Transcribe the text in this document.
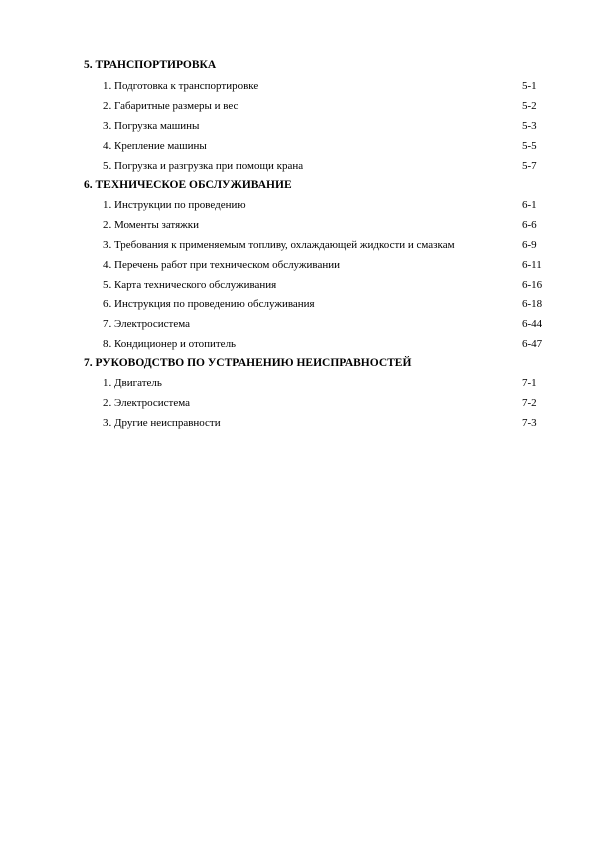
5. ТРАНСПОРТИРОВКА
1. Подготовка к транспортировке	5-1
2. Габаритные размеры и вес	5-2
3. Погрузка машины	5-3
4. Крепление машины	5-5
5. Погрузка и разгрузка при помощи крана	5-7
6. ТЕХНИЧЕСКОЕ ОБСЛУЖИВАНИЕ
1. Инструкции по проведению	6-1
2. Моменты затяжки	6-6
3. Требования к применяемым топливу, охлаждающей жидкости и смазкам	6-9
4. Перечень работ при техническом обслуживании	6-11
5. Карта технического обслуживания	6-16
6. Инструкция по проведению обслуживания	6-18
7. Электросистема	6-44
8. Кондиционер и отопитель	6-47
7. РУКОВОДСТВО ПО УСТРАНЕНИЮ НЕИСПРАВНОСТЕЙ
1. Двигатель	7-1
2. Электросистема	7-2
3. Другие неисправности	7-3
